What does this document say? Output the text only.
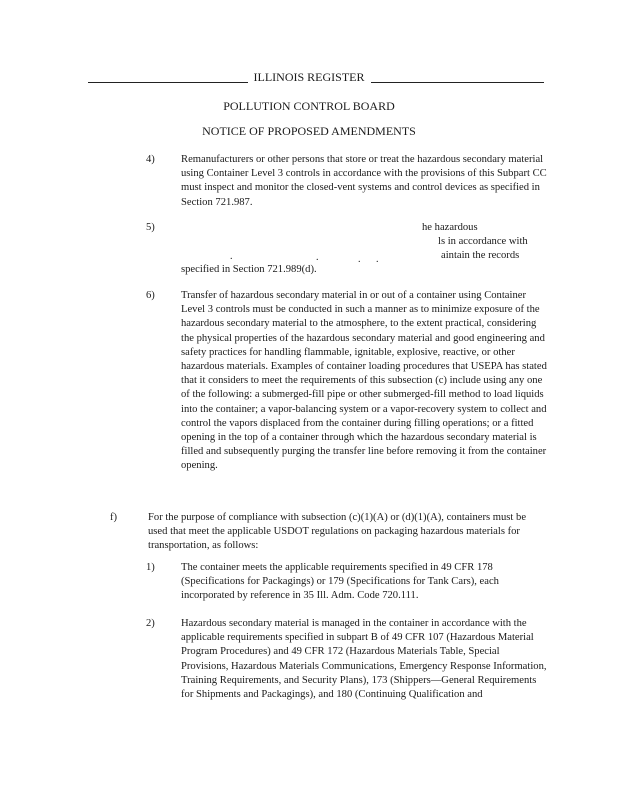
ILLINOIS REGISTER
POLLUTION CONTROL BOARD
NOTICE OF PROPOSED AMENDMENTS
4) Remanufacturers or other persons that store or treat the hazardous secondary material using Container Level 3 controls in accordance with the provisions of this Subpart CC must inspect and monitor the closed-vent systems and control devices as specified in Section 721.987.
5)	he hazardous
ls in accordance with
aintain the records
.	.	. .
specified in Section 721.989(d).
6) Transfer of hazardous secondary material in or out of a container using Container Level 3 controls must be conducted in such a manner as to minimize exposure of the hazardous secondary material to the atmosphere, to the extent practical, considering the physical properties of the hazardous secondary material and good engineering and safety practices for handling flammable, ignitable, explosive, reactive, or other hazardous materials. Examples of container loading procedures that USEPA has stated that it considers to meet the requirements of this subsection (c) include using any one of the following: a submerged-fill pipe or other submerged-fill method to load liquids into the container; a vapor-balancing system or a vapor-recovery system to collect and control the vapors displaced from the container during filling operations; or a fitted opening in the top of a container through which the hazardous secondary material is filled and subsequently purging the transfer line before removing it from the container opening.
f)	For the purpose of compliance with subsection (c)(1)(A) or (d)(1)(A), containers must be used that meet the applicable USDOT regulations on packaging hazardous materials for transportation, as follows:
1) The container meets the applicable requirements specified in 49 CFR 178 (Specifications for Packagings) or 179 (Specifications for Tank Cars), each incorporated by reference in 35 Ill. Adm. Code 720.111.
2) Hazardous secondary material is managed in the container in accordance with the applicable requirements specified in subpart B of 49 CFR 107 (Hazardous Material Program Procedures) and 49 CFR 172 (Hazardous Materials Table, Special Provisions, Hazardous Materials Communications, Emergency Response Information, Training Requirements, and Security Plans), 173 (Shippers—General Requirements for Shipments and Packagings), and 180 (Continuing Qualification and
